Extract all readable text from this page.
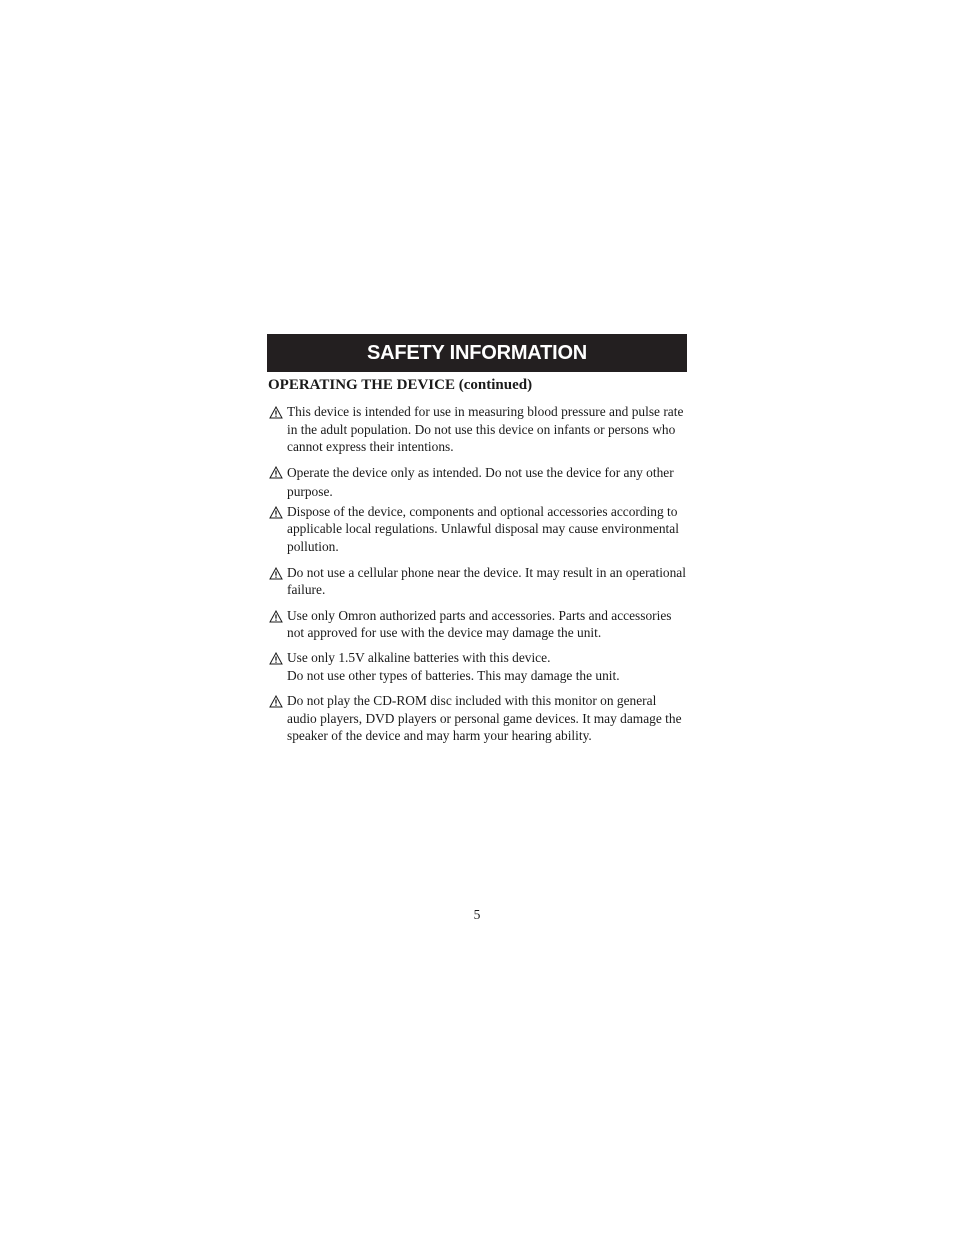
SAFETY INFORMATION
OPERATING THE DEVICE (continued)
This device is intended for use in measuring blood pressure and pulse rate in the adult population. Do not use this device on infants or persons who cannot express their intentions.
Operate the device only as intended. Do not use the device for any other purpose.
Dispose of the device, components and optional accessories according to applicable local regulations. Unlawful disposal may cause environmental pollution.
Do not use a cellular phone near the device. It may result in an operational failure.
Use only Omron authorized parts and accessories. Parts and accessories not approved for use with the device may damage the unit.
Use only 1.5V alkaline batteries with this device.
Do not use other types of batteries. This may damage the unit.
Do not play the CD-ROM disc included with this monitor on general audio players, DVD players or personal game devices. It may damage the speaker of the device and may harm your hearing ability.
5
